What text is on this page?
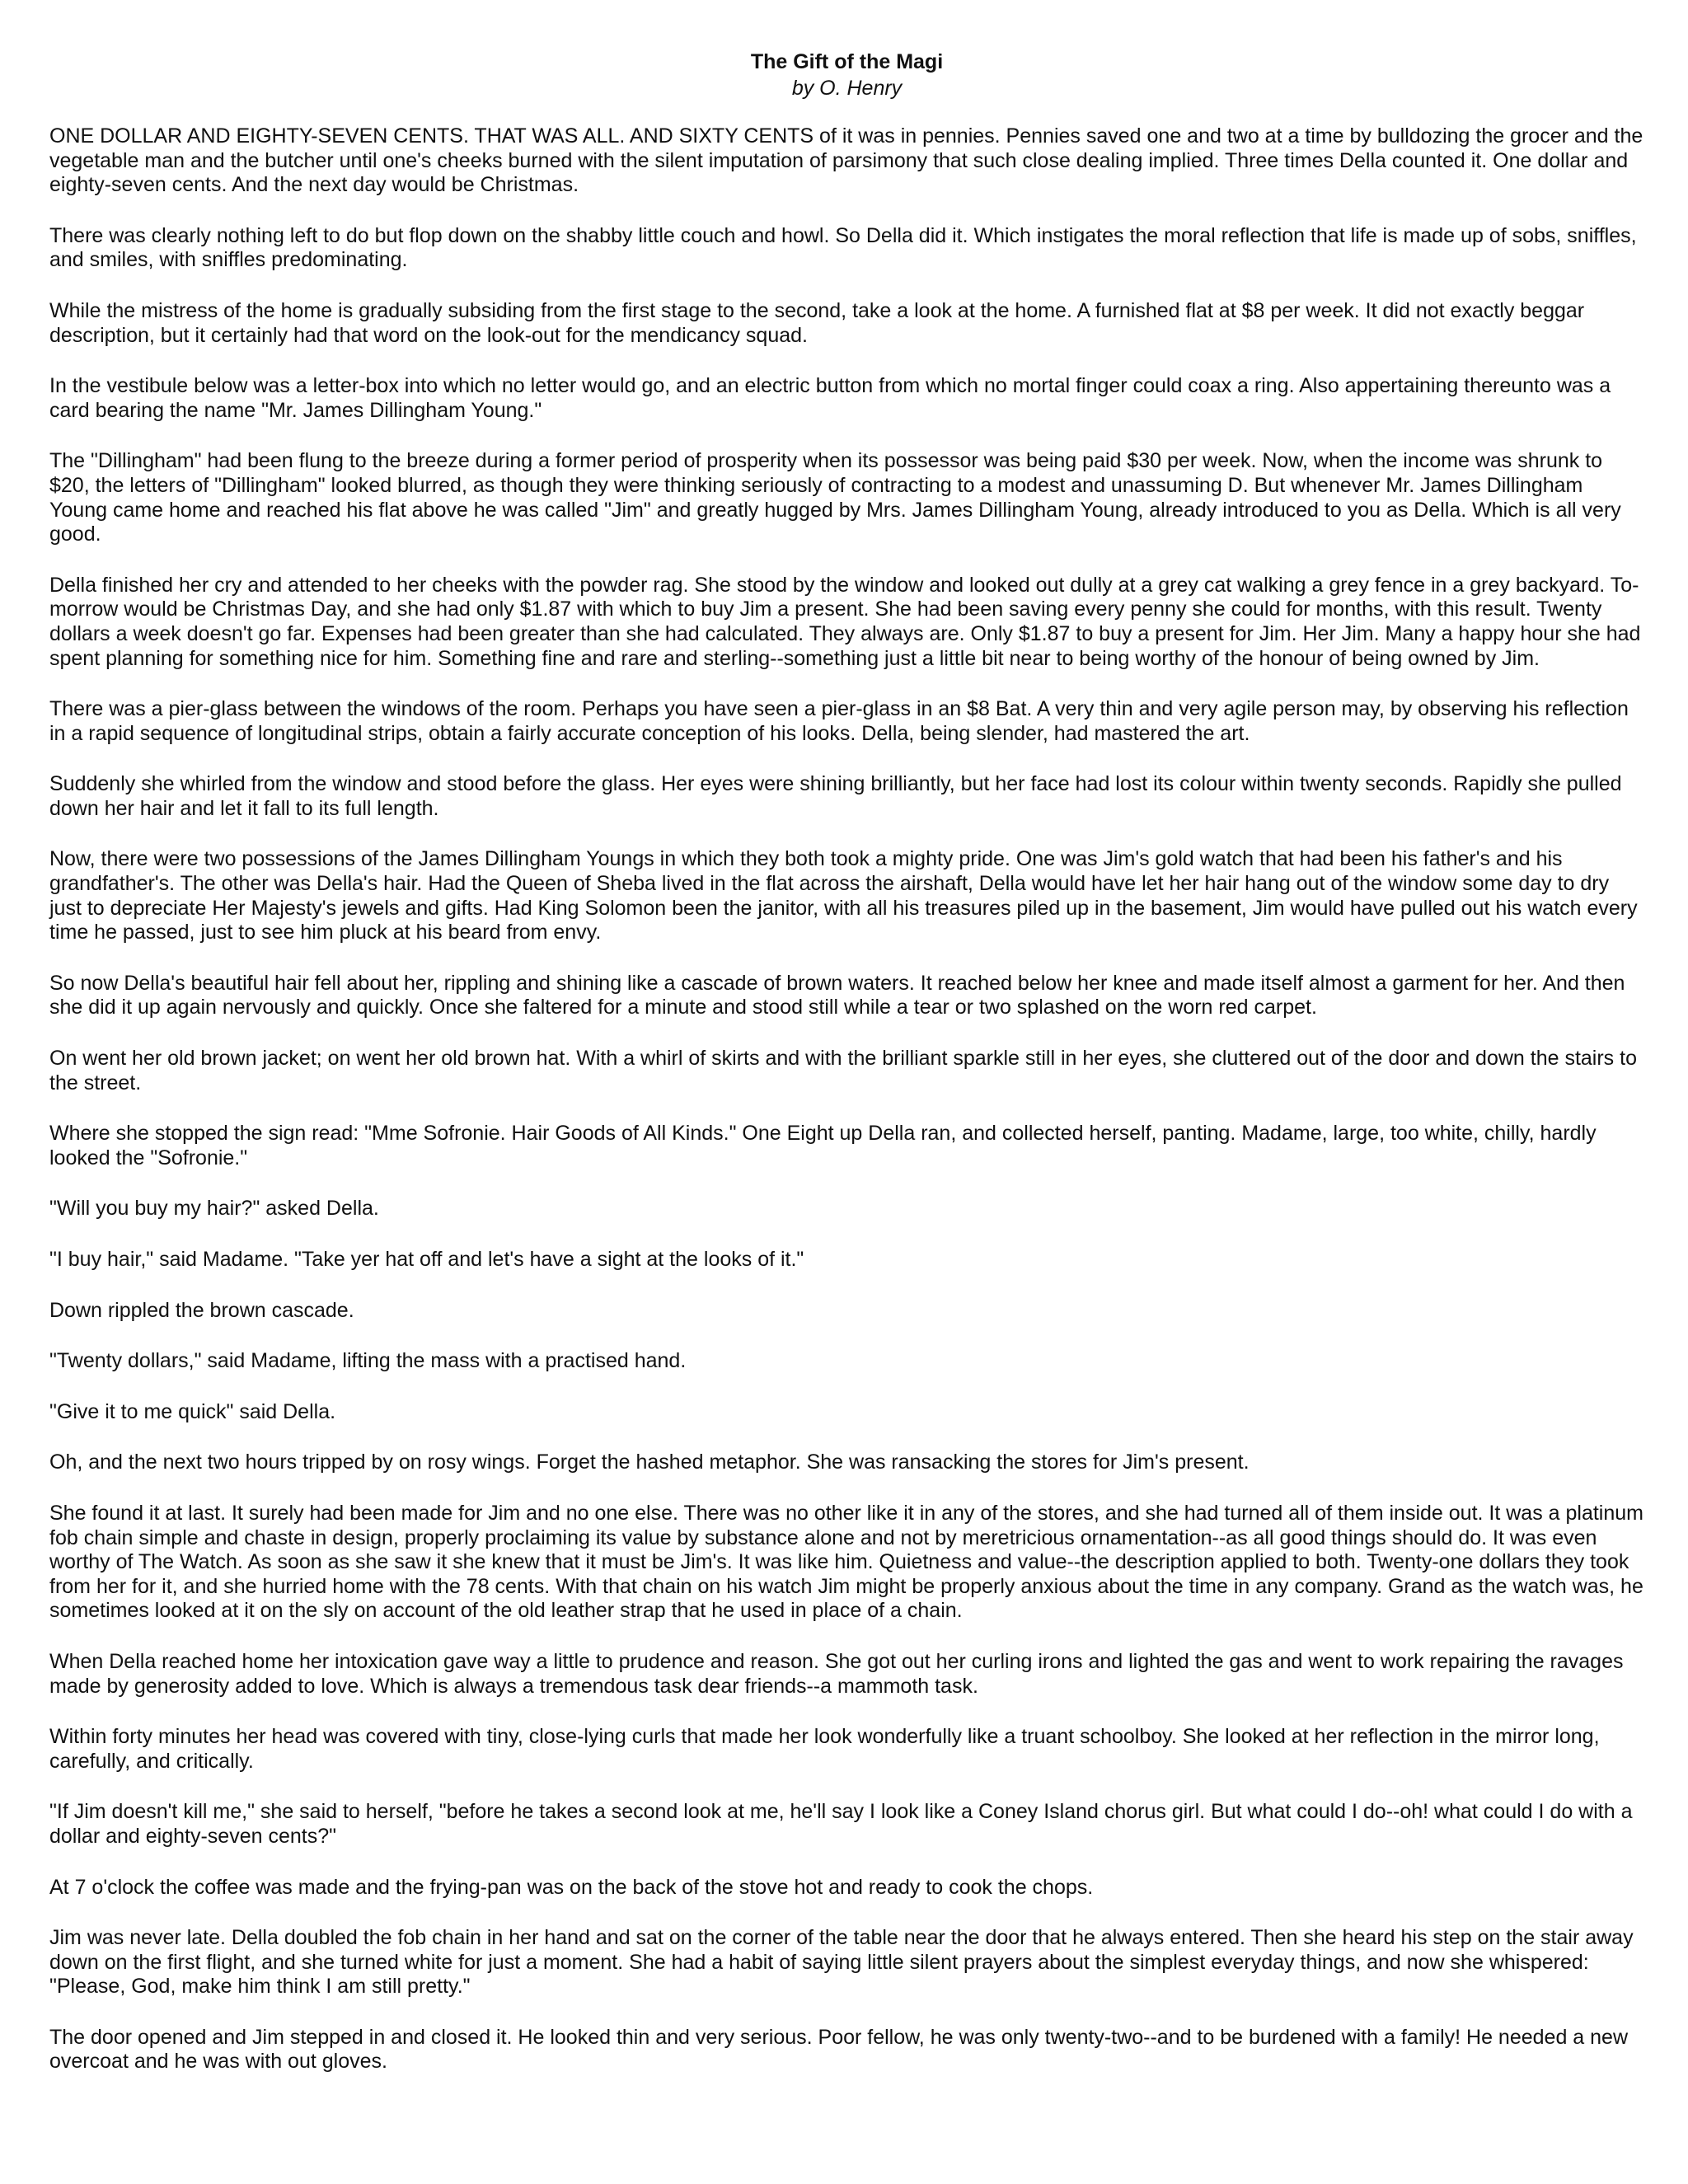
The Gift of the Magi

by O. Henry

ONE DOLLAR AND EIGHTY-SEVEN CENTS. THAT WAS ALL. AND SIXTY CENTS of it was in pennies. Pennies saved one and two at a time by bulldozing the grocer and the vegetable man and the butcher until one's cheeks burned with the silent imputation of parsimony that such close dealing implied. Three times Della counted it. One dollar and eighty-seven cents. And the next day would be Christmas.

There was clearly nothing left to do but flop down on the shabby little couch and howl. So Della did it. Which instigates the moral reflection that life is made up of sobs, sniffles, and smiles, with sniffles predominating.

While the mistress of the home is gradually subsiding from the first stage to the second, take a look at the home. A furnished flat at $8 per week. It did not exactly beggar description, but it certainly had that word on the look-out for the mendicancy squad.

In the vestibule below was a letter-box into which no letter would go, and an electric button from which no mortal finger could coax a ring. Also appertaining thereunto was a card bearing the name "Mr. James Dillingham Young."

The "Dillingham" had been flung to the breeze during a former period of prosperity when its possessor was being paid $30 per week. Now, when the income was shrunk to $20, the letters of "Dillingham" looked blurred, as though they were thinking seriously of contracting to a modest and unassuming D. But whenever Mr. James Dillingham Young came home and reached his flat above he was called "Jim" and greatly hugged by Mrs. James Dillingham Young, already introduced to you as Della. Which is all very good.

Della finished her cry and attended to her cheeks with the powder rag. She stood by the window and looked out dully at a grey cat walking a grey fence in a grey backyard. To-morrow would be Christmas Day, and she had only $1.87 with which to buy Jim a present. She had been saving every penny she could for months, with this result. Twenty dollars a week doesn't go far. Expenses had been greater than she had calculated. They always are. Only $1.87 to buy a present for Jim. Her Jim. Many a happy hour she had spent planning for something nice for him. Something fine and rare and sterling--something just a little bit near to being worthy of the honour of being owned by Jim.

There was a pier-glass between the windows of the room. Perhaps you have seen a pier-glass in an $8 Bat. A very thin and very agile person may, by observing his reflection in a rapid sequence of longitudinal strips, obtain a fairly accurate conception of his looks. Della, being slender, had mastered the art.

Suddenly she whirled from the window and stood before the glass. Her eyes were shining brilliantly, but her face had lost its colour within twenty seconds. Rapidly she pulled down her hair and let it fall to its full length.

Now, there were two possessions of the James Dillingham Youngs in which they both took a mighty pride. One was Jim's gold watch that had been his father's and his grandfather's. The other was Della's hair. Had the Queen of Sheba lived in the flat across the airshaft, Della would have let her hair hang out of the window some day to dry just to depreciate Her Majesty's jewels and gifts. Had King Solomon been the janitor, with all his treasures piled up in the basement, Jim would have pulled out his watch every time he passed, just to see him pluck at his beard from envy.

So now Della's beautiful hair fell about her, rippling and shining like a cascade of brown waters. It reached below her knee and made itself almost a garment for her. And then she did it up again nervously and quickly. Once she faltered for a minute and stood still while a tear or two splashed on the worn red carpet.

On went her old brown jacket; on went her old brown hat. With a whirl of skirts and with the brilliant sparkle still in her eyes, she cluttered out of the door and down the stairs to the street.

Where she stopped the sign read: "Mme Sofronie. Hair Goods of All Kinds." One Eight up Della ran, and collected herself, panting. Madame, large, too white, chilly, hardly looked the "Sofronie."

"Will you buy my hair?" asked Della.

"I buy hair," said Madame. "Take yer hat off and let's have a sight at the looks of it."

Down rippled the brown cascade.

"Twenty dollars," said Madame, lifting the mass with a practised hand.

"Give it to me quick" said Della.

Oh, and the next two hours tripped by on rosy wings. Forget the hashed metaphor. She was ransacking the stores for Jim's present.

She found it at last. It surely had been made for Jim and no one else. There was no other like it in any of the stores, and she had turned all of them inside out. It was a platinum fob chain simple and chaste in design, properly proclaiming its value by substance alone and not by meretricious ornamentation--as all good things should do. It was even worthy of The Watch. As soon as she saw it she knew that it must be Jim's. It was like him. Quietness and value--the description applied to both. Twenty-one dollars they took from her for it, and she hurried home with the 78 cents. With that chain on his watch Jim might be properly anxious about the time in any company. Grand as the watch was, he sometimes looked at it on the sly on account of the old leather strap that he used in place of a chain.

When Della reached home her intoxication gave way a little to prudence and reason. She got out her curling irons and lighted the gas and went to work repairing the ravages made by generosity added to love. Which is always a tremendous task dear friends--a mammoth task.

Within forty minutes her head was covered with tiny, close-lying curls that made her look wonderfully like a truant schoolboy. She looked at her reflection in the mirror long, carefully, and critically.

"If Jim doesn't kill me," she said to herself, "before he takes a second look at me, he'll say I look like a Coney Island chorus girl. But what could I do--oh! what could I do with a dollar and eighty-seven cents?"

At 7 o'clock the coffee was made and the frying-pan was on the back of the stove hot and ready to cook the chops.

Jim was never late. Della doubled the fob chain in her hand and sat on the corner of the table near the door that he always entered. Then she heard his step on the stair away down on the first flight, and she turned white for just a moment. She had a habit of saying little silent prayers about the simplest everyday things, and now she whispered: "Please, God, make him think I am still pretty."

The door opened and Jim stepped in and closed it. He looked thin and very serious. Poor fellow, he was only twenty-two--and to be burdened with a family! He needed a new overcoat and he was with out gloves.
